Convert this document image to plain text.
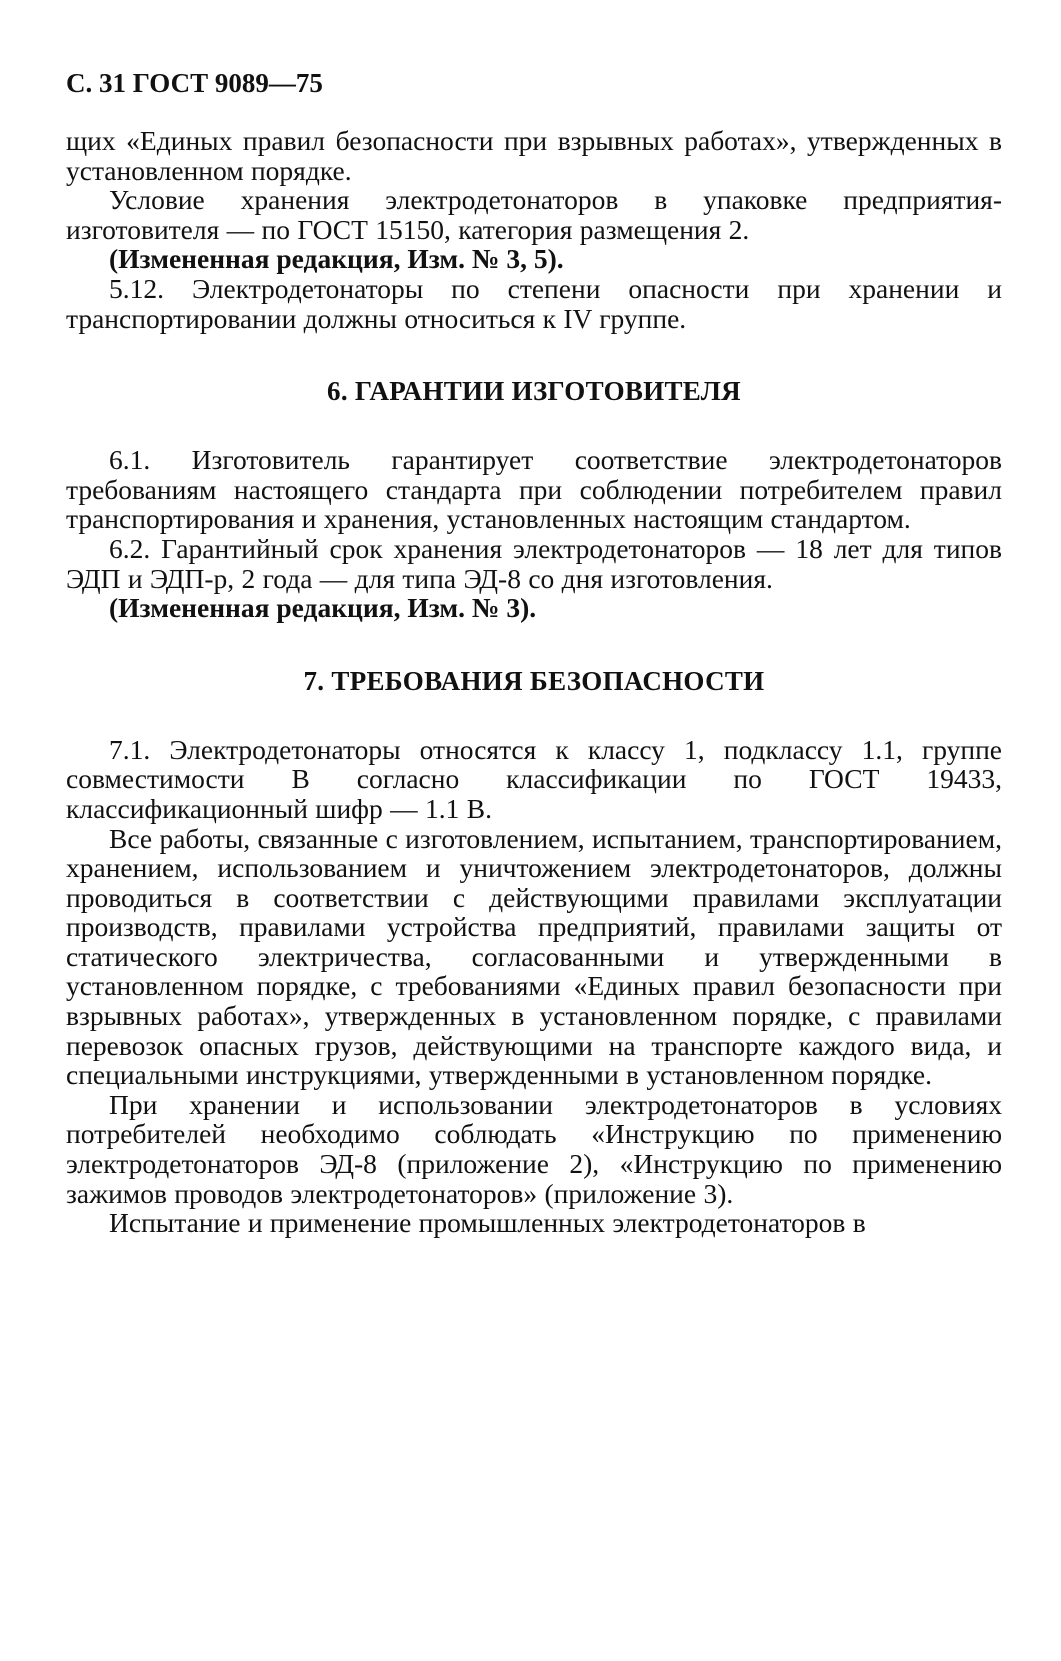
С. 31 ГОСТ 9089—75

щих «Единых правил безопасности при взрывных работах», утвержденных в установленном порядке.

Условие хранения электродетонаторов в упаковке предприятия-изготовителя — по ГОСТ 15150, категория размещения 2.

(Измененная редакция, Изм. № 3, 5).

5.12. Электродетонаторы по степени опасности при хранении и транспортировании должны относиться к IV группе.

6. ГАРАНТИИ ИЗГОТОВИТЕЛЯ

6.1. Изготовитель гарантирует соответствие электродетонаторов требованиям настоящего стандарта при соблюдении потребителем правил транспортирования и хранения, установленных настоящим стандартом.

6.2. Гарантийный срок хранения электродетонаторов — 18 лет для типов ЭДП и ЭДП-р, 2 года — для типа ЭД-8 со дня изготовления.

(Измененная редакция, Изм. № 3).

7. ТРЕБОВАНИЯ БЕЗОПАСНОСТИ

7.1. Электродетонаторы относятся к классу 1, подклассу 1.1, группе совместимости В согласно классификации по ГОСТ 19433, классификационный шифр — 1.1 В.

Все работы, связанные с изготовлением, испытанием, транспортированием, хранением, использованием и уничтожением электродетонаторов, должны проводиться в соответствии с действующими правилами эксплуатации производств, правилами устройства предприятий, правилами защиты от статического электричества, согласованными и утвержденными в установленном порядке, с требованиями «Единых правил безопасности при взрывных работах», утвержденных в установленном порядке, с правилами перевозок опасных грузов, действующими на транспорте каждого вида, и специальными инструкциями, утвержденными в установленном порядке.

При хранении и использовании электродетонаторов в условиях потребителей необходимо соблюдать «Инструкцию по применению электродетонаторов ЭД-8 (приложение 2), «Инструкцию по применению зажимов проводов электродетонаторов» (приложение 3).

Испытание и применение промышленных электродетонаторов в
